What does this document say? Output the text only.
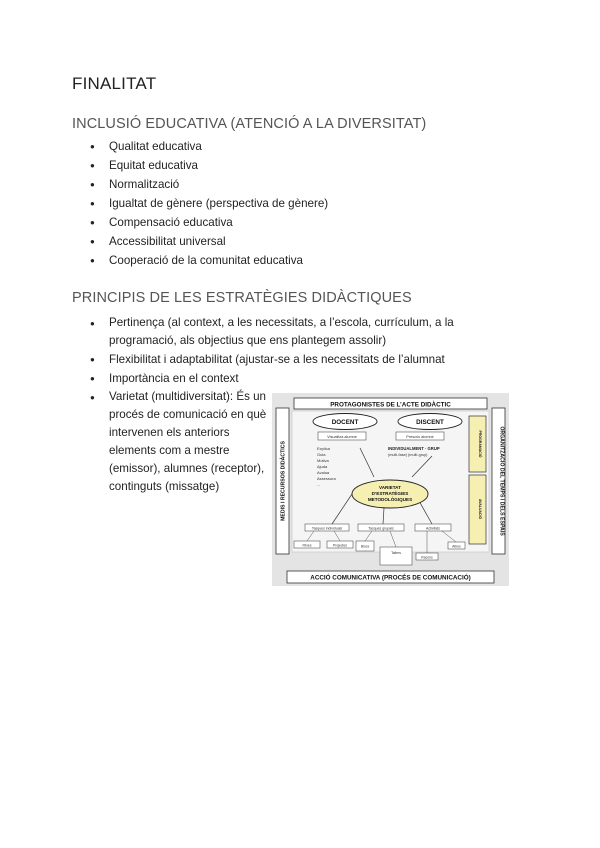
FINALITAT
INCLUSIÓ EDUCATIVA (ATENCIÓ A LA DIVERSITAT)
● Qualitat educativa
● Equitat educativa
● Normalització
● Igualtat de gènere (perspectiva de gènere)
● Compensació educativa
● Accessibilitat universal
● Cooperació de la comunitat educativa
PRINCIPIS DE LES ESTRATÈGIES DIDÀCTIQUES
● Pertinença (al context, a les necessitats, a l’escola, currículum, a la programació, als objectius que ens plantegem assolir)
● Flexibilitat i adaptabilitat (ajustar-se a les necessitats de l’alumnat
● Importància en el context
● Varietat (multidiversitat): És un procés de comunicació en què intervenen els anteriors elements com a mestre (emissor), alumnes (receptor), continguts (missatge)
PROTAGONISTES DE L’ACTE DIDÀCTIC
MEDIS I RECURSOS DIDÀCTICS	ORGANITZACIÓ DEL TEMPS I DELS ESPAIS
DOCENT	DISCENT
Visualitza alumne	Prescriu alumne
Explica
Guia
Motiva
Ajuda
Avalua
Assessora
...
INDIVIDUALMENT · GRUP
(multi-fase) (multi-grup)
VARIETAT
D’ESTRATÈGIES
METODOLÒGIQUES
PROGRAMACIÓ
AVALUACIÓ
Tasques individuals	Tasques grupals	Activitats
Fitxes	Projectes	Blocs
Tallers
Racons
Altres
ACCIÓ COMUNICATIVA (PROCÉS DE COMUNICACIÓ)
